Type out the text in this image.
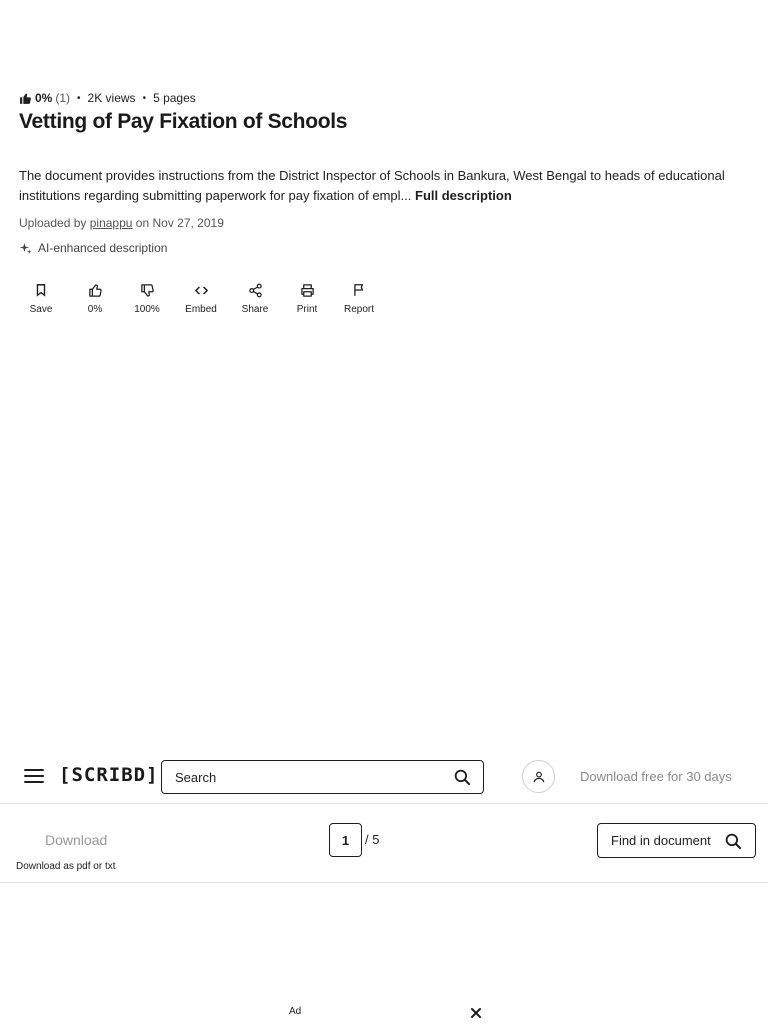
0% (1) • 2K views • 5 pages
Vetting of Pay Fixation of Schools

The document provides instructions from the District Inspector of Schools in Bankura, West Bengal to heads of educational institutions regarding submitting paperwork for pay fixation of empl... Full description

Uploaded by pinappu on Nov 27, 2019
AI-enhanced description
Save	0%	100%	Embed Share	Print	Report
[SCRIBD] Search	Download free for 30 days
Download
Download as pdf or txt
1	/ 5	Find in document
Ad
